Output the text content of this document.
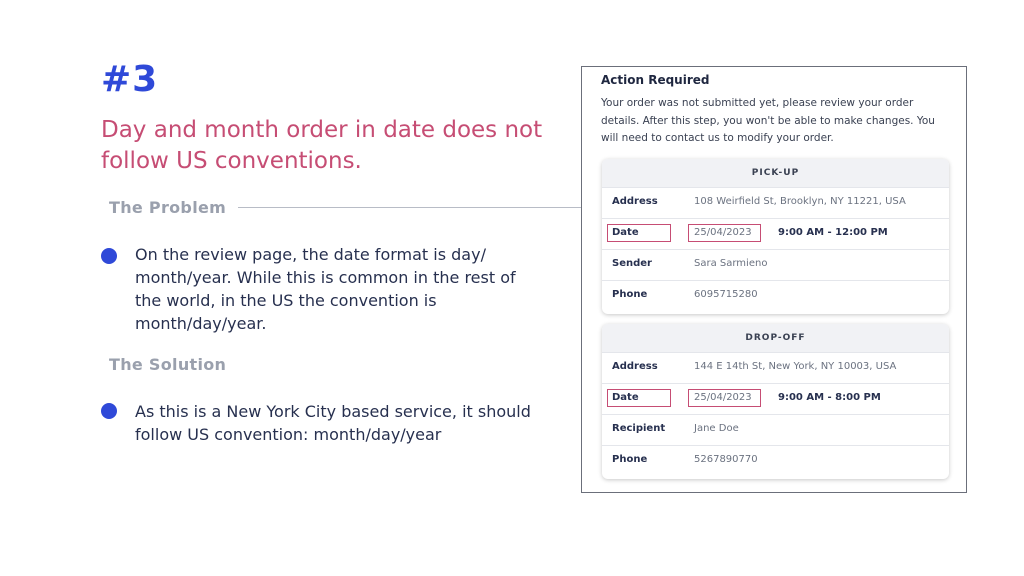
#3
Day and month order in date does not follow US conventions.
The Problem
On the review page, the date format is day/ month/year. While this is common in the rest of the world, in the US the convention is month/day/year.
The Solution
As this is a New York City based service, it should follow US convention: month/day/year
Action Required
Your order was not submitted yet, please review your order details. After this step, you won't be able to make changes. You will need to contact us to modify your order.
PICK-UP
Address	108 Weirfield St, Brooklyn, NY 11221, USA
Date	25/04/2023	9:00 AM - 12:00 PM
Sender	Sara Sarmieno
Phone	6095715280
DROP-OFF
Address	144 E 14th St, New York, NY 10003, USA
Date	25/04/2023	9:00 AM - 8:00 PM
Recipient	Jane Doe
Phone	5267890770
